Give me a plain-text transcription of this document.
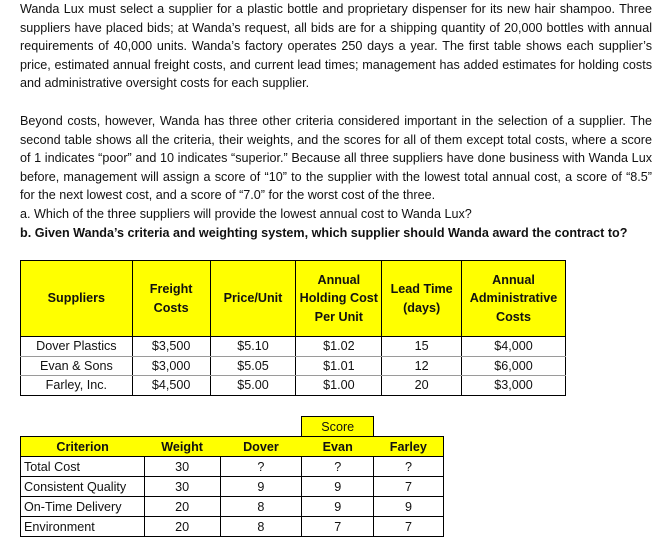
Wanda Lux must select a supplier for a plastic bottle and proprietary dispenser for its new hair shampoo. Three suppliers have placed bids; at Wanda’s request, all bids are for a shipping quantity of 20,000 bottles with annual requirements of 40,000 units. Wanda’s factory operates 250 days a year. The first table shows each supplier’s price, estimated annual freight costs, and current lead times; management has added estimates for holding costs and administrative oversight costs for each supplier.
Beyond costs, however, Wanda has three other criteria considered important in the selection of a supplier. The second table shows all the criteria, their weights, and the scores for all of them except total costs, where a score of 1 indicates “poor” and 10 indicates “superior.” Because all three suppliers have done business with Wanda Lux before, management will assign a score of “10” to the supplier with the lowest total annual cost, a score of “8.5” for the next lowest cost, and a score of “7.0” for the worst cost of the three.
a. Which of the three suppliers will provide the lowest annual cost to Wanda Lux?
b. Given Wanda’s criteria and weighting system, which supplier should Wanda award the contract to?
Suppliers	Freight Costs	Price/Unit	Annual Holding Cost Per Unit	Lead Time (days)	Annual Administrative Costs
Dover Plastics	$3,500	$5.10	$1.02	15	$4,000
Evan & Sons	$3,000	$5.05	$1.01	12	$6,000
Farley, Inc.	$4,500	$5.00	$1.00	20	$3,000
			Score	
Criterion	Weight	Dover	Evan	Farley
Total Cost	30	?	?	?
Consistent Quality	30	9	9	7
On-Time Delivery	20	8	9	9
Environment	20	8	7	7
